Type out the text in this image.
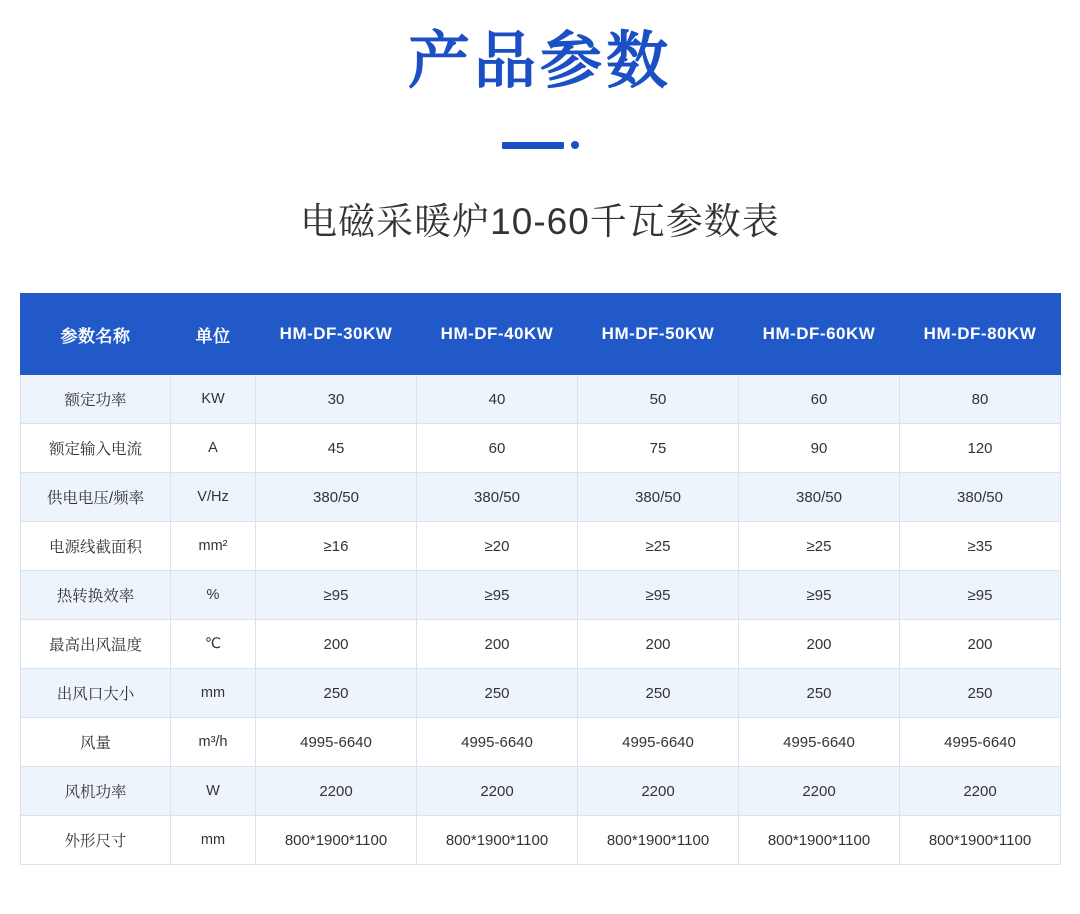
产品参数
电磁采暖炉10-60千瓦参数表
参数名称	单位	HM-DF-30KW	HM-DF-40KW	HM-DF-50KW	HM-DF-60KW	HM-DF-80KW
额定功率	KW	30	40	50	60	80
额定输入电流	A	45	60	75	90	120
供电电压/频率	V/Hz	380/50	380/50	380/50	380/50	380/50
电源线截面积	mm²	≥16	≥20	≥25	≥25	≥35
热转换效率	%	≥95	≥95	≥95	≥95	≥95
最高出风温度	℃	200	200	200	200	200
出风口大小	mm	250	250	250	250	250
风量	m³/h	4995-6640	4995-6640	4995-6640	4995-6640	4995-6640
风机功率	W	2200	2200	2200	2200	2200
外形尺寸	mm	800*1900*1100	800*1900*1100	800*1900*1100	800*1900*1100	800*1900*1100
